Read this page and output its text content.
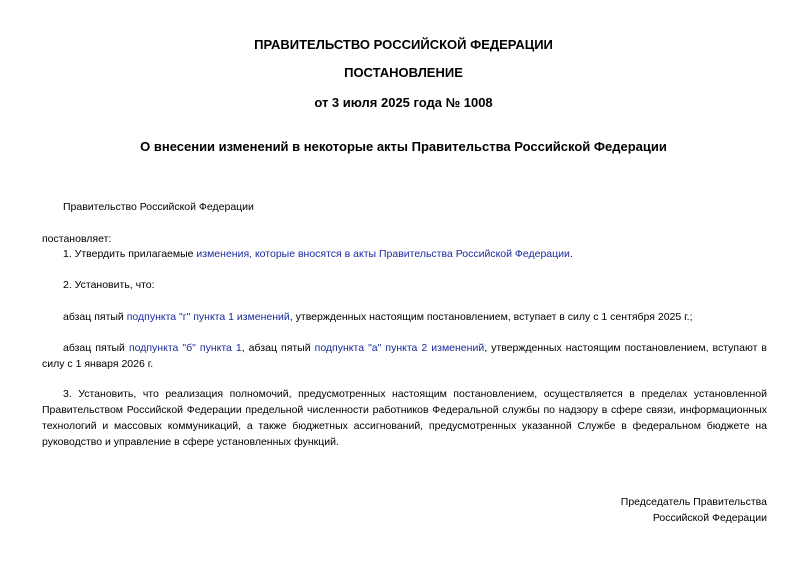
ПРАВИТЕЛЬСТВО РОССИЙСКОЙ ФЕДЕРАЦИИ
ПОСТАНОВЛЕНИЕ
от 3 июля 2025 года № 1008
О внесении изменений в некоторые акты Правительства Российской Федерации

Правительство Российской Федерации

постановляет:

1. Утвердить прилагаемые изменения, которые вносятся в акты Правительства Российской Федерации.

2. Установить, что:

абзац пятый подпункта "г" пункта 1 изменений, утвержденных настоящим постановлением, вступает в силу с 1 сентября 2025 г.;

абзац пятый подпункта "б" пункта 1, абзац пятый подпункта "а" пункта 2 изменений, утвержденных настоящим постановлением, вступают в силу с 1 января 2026 г.

3. Установить, что реализация полномочий, предусмотренных настоящим постановлением, осуществляется в пределах установленной Правительством Российской Федерации предельной численности работников Федеральной службы по надзору в сфере связи, информационных технологий и массовых коммуникаций, а также бюджетных ассигнований, предусмотренных указанной Службе в федеральном бюджете на руководство и управление в сфере установленных функций.

Председатель Правительства
Российской Федерации
